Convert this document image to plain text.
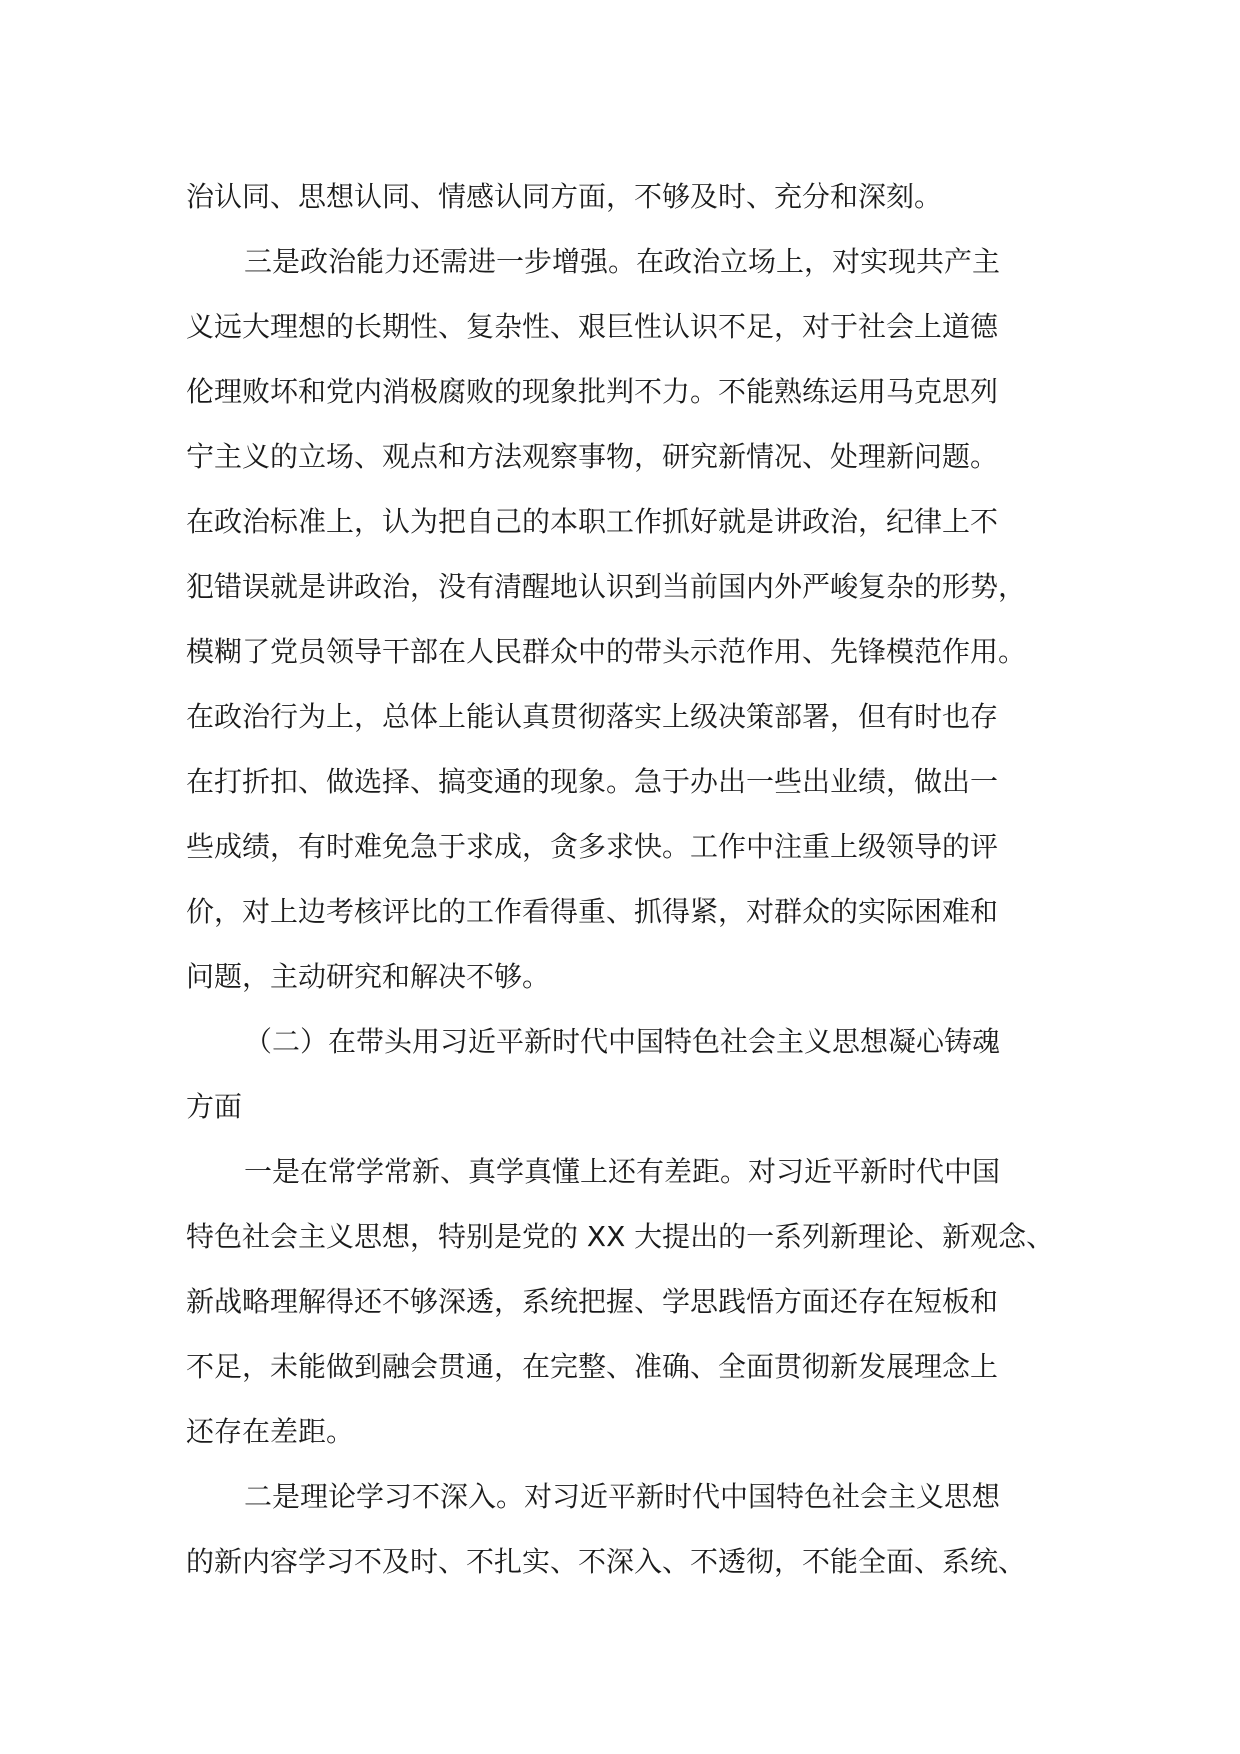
治认同、思想认同、情感认同方面，不够及时、充分和深刻。
三是政治能力还需进一步增强。在政治立场上，对实现共产主
义远大理想的长期性、复杂性、艰巨性认识不足，对于社会上道德
伦理败坏和党内消极腐败的现象批判不力。不能熟练运用马克思列
宁主义的立场、观点和方法观察事物，研究新情况、处理新问题。
在政治标准上，认为把自己的本职工作抓好就是讲政治，纪律上不
犯错误就是讲政治，没有清醒地认识到当前国内外严峻复杂的形势，
模糊了党员领导干部在人民群众中的带头示范作用、先锋模范作用。
在政治行为上，总体上能认真贯彻落实上级决策部署，但有时也存
在打折扣、做选择、搞变通的现象。急于办出一些出业绩，做出一
些成绩，有时难免急于求成，贪多求快。工作中注重上级领导的评
价，对上边考核评比的工作看得重、抓得紧，对群众的实际困难和
问题，主动研究和解决不够。
（二）在带头用习近平新时代中国特色社会主义思想凝心铸魂
方面
一是在常学常新、真学真懂上还有差距。对习近平新时代中国
特色社会主义思想，特别是党的 XX 大提出的一系列新理论、新观念、
新战略理解得还不够深透，系统把握、学思践悟方面还存在短板和
不足，未能做到融会贯通，在完整、准确、全面贯彻新发展理念上
还存在差距。
二是理论学习不深入。对习近平新时代中国特色社会主义思想
的新内容学习不及时、不扎实、不深入、不透彻，不能全面、系统、
